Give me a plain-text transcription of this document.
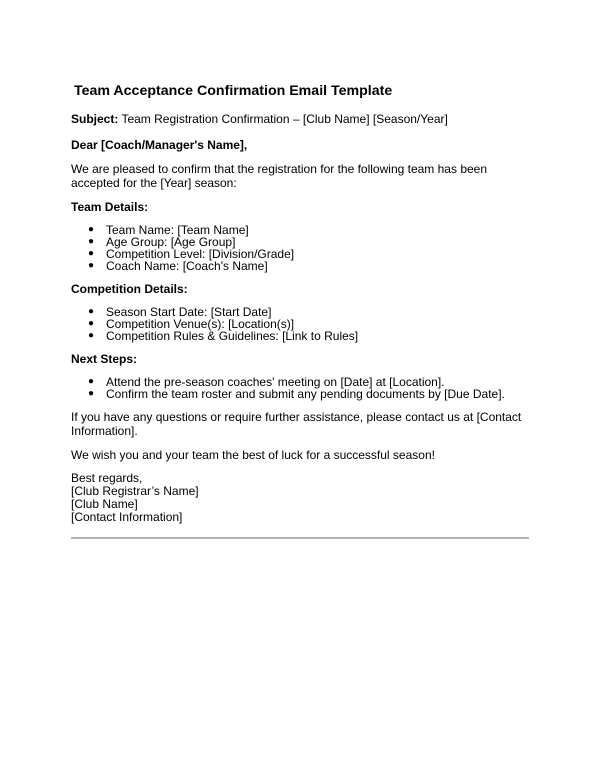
Team Acceptance Confirmation Email Template

Subject: Team Registration Confirmation – [Club Name] [Season/Year]

Dear [Coach/Manager's Name],

We are pleased to confirm that the registration for the following team has been accepted for the [Year] season:

Team Details:

● Team Name: [Team Name]
● Age Group: [Age Group]
● Competition Level: [Division/Grade]
● Coach Name: [Coach's Name]

Competition Details:

● Season Start Date: [Start Date]
● Competition Venue(s): [Location(s)]
● Competition Rules & Guidelines: [Link to Rules]

Next Steps:

● Attend the pre-season coaches' meeting on [Date] at [Location].
● Confirm the team roster and submit any pending documents by [Due Date].

If you have any questions or require further assistance, please contact us at [Contact Information].

We wish you and your team the best of luck for a successful season!

Best regards,

[Club Registrar’s Name]

[Club Name]

[Contact Information]
